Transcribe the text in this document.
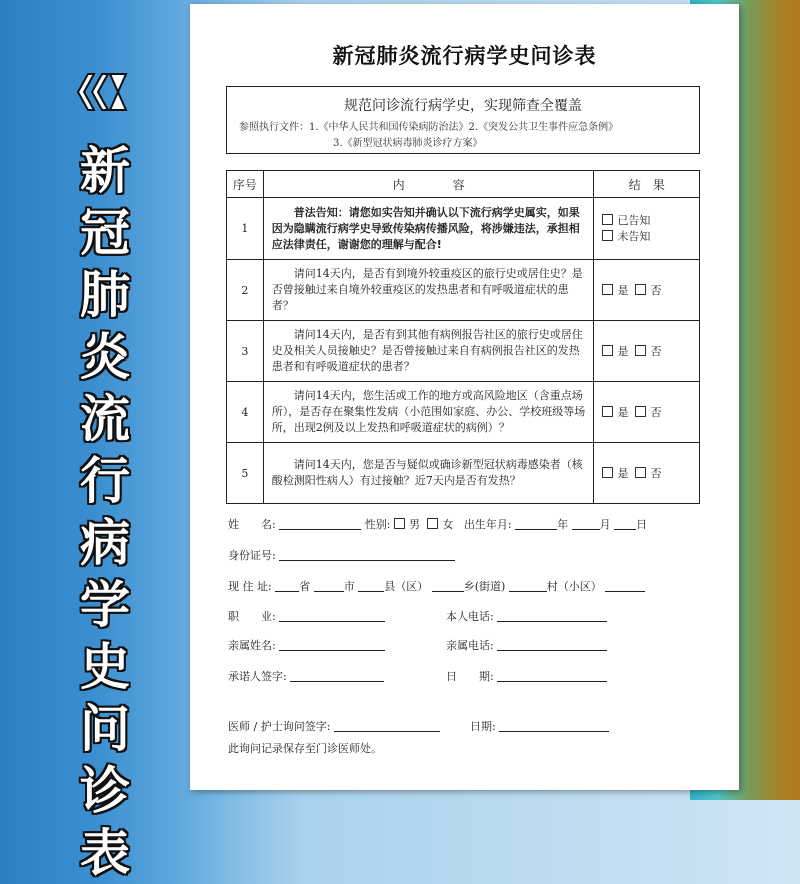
新
冠
肺
炎
流
行
病
学
史
问
诊
表
新冠肺炎流行病学史问诊表
规范问诊流行病学史，实现筛查全覆盖
参照执行文件：1.《中华人民共和国传染病防治法》2.《突发公共卫生事件应急条例》
3.《新型冠状病毒肺炎诊疗方案》
序号	内　　　　容	结　果
1	普法告知：请您如实告知并确认以下流行病学史属实，如果因为隐瞒流行病学史导致传染病传播风险，将涉嫌违法，承担相应法律责任，谢谢您的理解与配合!	已告知
未告知

2	请问14天内，是否有到境外较重疫区的旅行史或居住史？是否曾接触过来自境外较重疫区的发热患者和有呼吸道症状的患者？	是 否
3	请问14天内，是否有到其他有病例报告社区的旅行史或居住史及相关人员接触史？是否曾接触过来自有病例报告社区的发热患者和有呼吸道症状的患者？	是 否
4	请问14天内，您生活或工作的地方或高风险地区（含重点场所），是否存在聚集性发病（小范围如家庭、办公、学校班级等场所，出现2例及以上发热和呼吸道症状的病例）？	是 否
5	请问14天内，您是否与疑似或确诊新型冠状病毒感染者（核酸检测阳性病人）有过接触？近7天内是否有发热？	是 否
姓　　名:	性别: 男 女 出生年月:	年	月 日
身份证号:
现 住 址:	省	市	县（区）	乡(街道)	村（小区）
职　　业:	本人电话:
亲属姓名:	亲属电话:
承诺人签字:	日　　期:
医师 / 护士询问签字:	日期:
此询问记录保存至门诊医师处。
